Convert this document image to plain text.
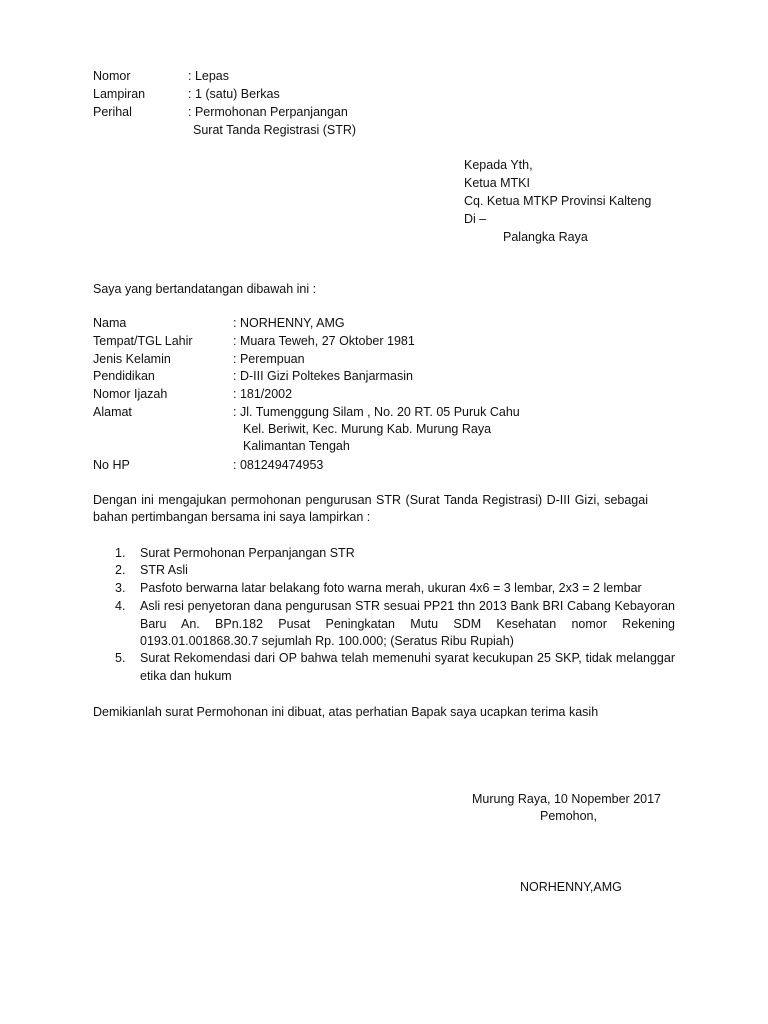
Nomor	: Lepas
Lampiran	: 1 (satu) Berkas
Perihal	: Permohonan Perpanjangan
Surat Tanda Registrasi (STR)
Kepada Yth,
Ketua MTKI
Cq. Ketua MTKP Provinsi Kalteng
Di –
Palangka Raya
Saya yang bertandatangan dibawah ini :
Nama	: NORHENNY, AMG
Tempat/TGL Lahir	: Muara Teweh, 27 Oktober 1981
Jenis Kelamin	: Perempuan
Pendidikan	: D-III Gizi Poltekes Banjarmasin
Nomor Ijazah	: 181/2002
Alamat	: Jl. Tumenggung Silam , No. 20 RT. 05 Puruk Cahu
Kel. Beriwit, Kec. Murung Kab. Murung Raya
Kalimantan Tengah
No HP	: 081249474953
Dengan ini mengajukan permohonan pengurusan STR (Surat Tanda Registrasi) D-III Gizi, sebagai bahan pertimbangan bersama ini saya lampirkan :
1.	Surat Permohonan Perpanjangan STR
2.	STR Asli
3.	Pasfoto berwarna latar belakang foto warna merah, ukuran 4x6 = 3 lembar, 2x3 = 2 lembar
4.	Asli resi penyetoran dana pengurusan STR sesuai PP21 thn 2013 Bank BRI Cabang Kebayoran Baru An. BPn.182 Pusat Peningkatan Mutu SDM Kesehatan nomor Rekening 0193.01.001868.30.7 sejumlah Rp. 100.000; (Seratus Ribu Rupiah)
5.	Surat Rekomendasi dari OP bahwa telah memenuhi syarat kecukupan 25 SKP, tidak melanggar etika dan hukum
Demikianlah surat Permohonan ini dibuat, atas perhatian Bapak saya ucapkan terima kasih
Murung Raya, 10 Nopember 2017
Pemohon,
NORHENNY,AMG
